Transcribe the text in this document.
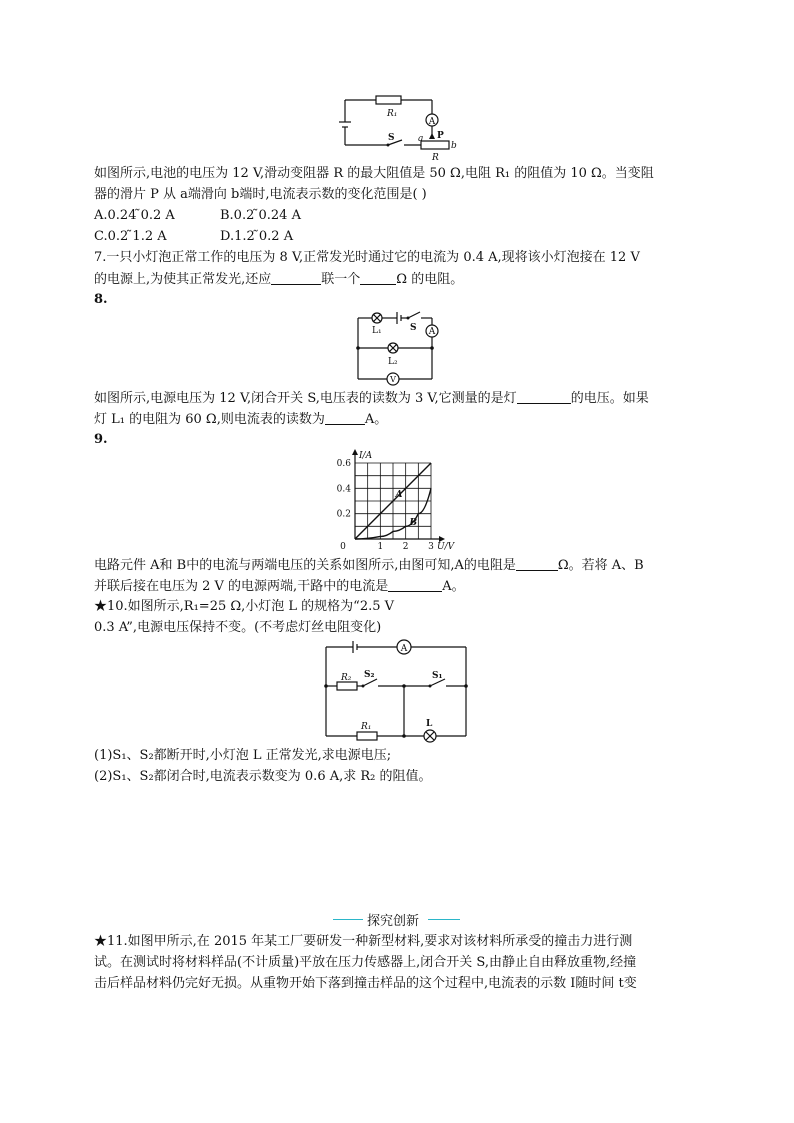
A
R₁
S	a P
b
R
如图所示,电池的电压为 12 V,滑动变阻器 R 的最大阻值是 50 Ω,电阻 R₁ 的阻值为 10 Ω。当变阻
器的滑片 P 从 a端滑向 b端时,电流表示数的变化范围是( )
A.0.24 ̃0.2 A	B.0.2 ̃0.24 A
C.0.2 ̃1.2 A	D.1.2 ̃0.2 A
7.一只小灯泡正常工作的电压为 8 V,正常发光时通过它的电流为 0.4 A,现将该小灯泡接在 12 V
的电源上,为使其正常发光,还应	联一个	Ω 的电阻。
8.
L₁	S A
L₂
V
如图所示,电源电压为 12 V,闭合开关 S,电压表的读数为 3 V,它测量的是灯	的电压。如果
灯 L₁ 的电阻为 60 Ω,则电流表的读数为	A。
9.
0	1 2 3
0.2
0.4
0.6
U/V
I/A
A
B
电路元件 A和 B中的电流与两端电压的关系如图所示,由图可知,A的电阻是	Ω。若将 A、B
并联后接在电压为 2 V 的电源两端,干路中的电流是	A。
★10.如图所示,R₁=25 Ω,小灯泡 L 的规格为“2.5 V
0.3 A”,电源电压保持不变。(不考虑灯丝电阻变化)
A
R₂ S₂	S₁
R₁	L
(1)S₁、S₂都断开时,小灯泡 L 正常发光,求电源电压;
(2)S₁、S₂都闭合时,电流表示数变为 0.6 A,求 R₂ 的阻值。
探究创新
★11.如图甲所示,在 2015 年某工厂要研发一种新型材料,要求对该材料所承受的撞击力进行测
试。在测试时将材料样品(不计质量)平放在压力传感器上,闭合开关 S,由静止自由释放重物,经撞
击后样品材料仍完好无损。从重物开始下落到撞击样品的这个过程中,电流表的示数 I随时间 t变
